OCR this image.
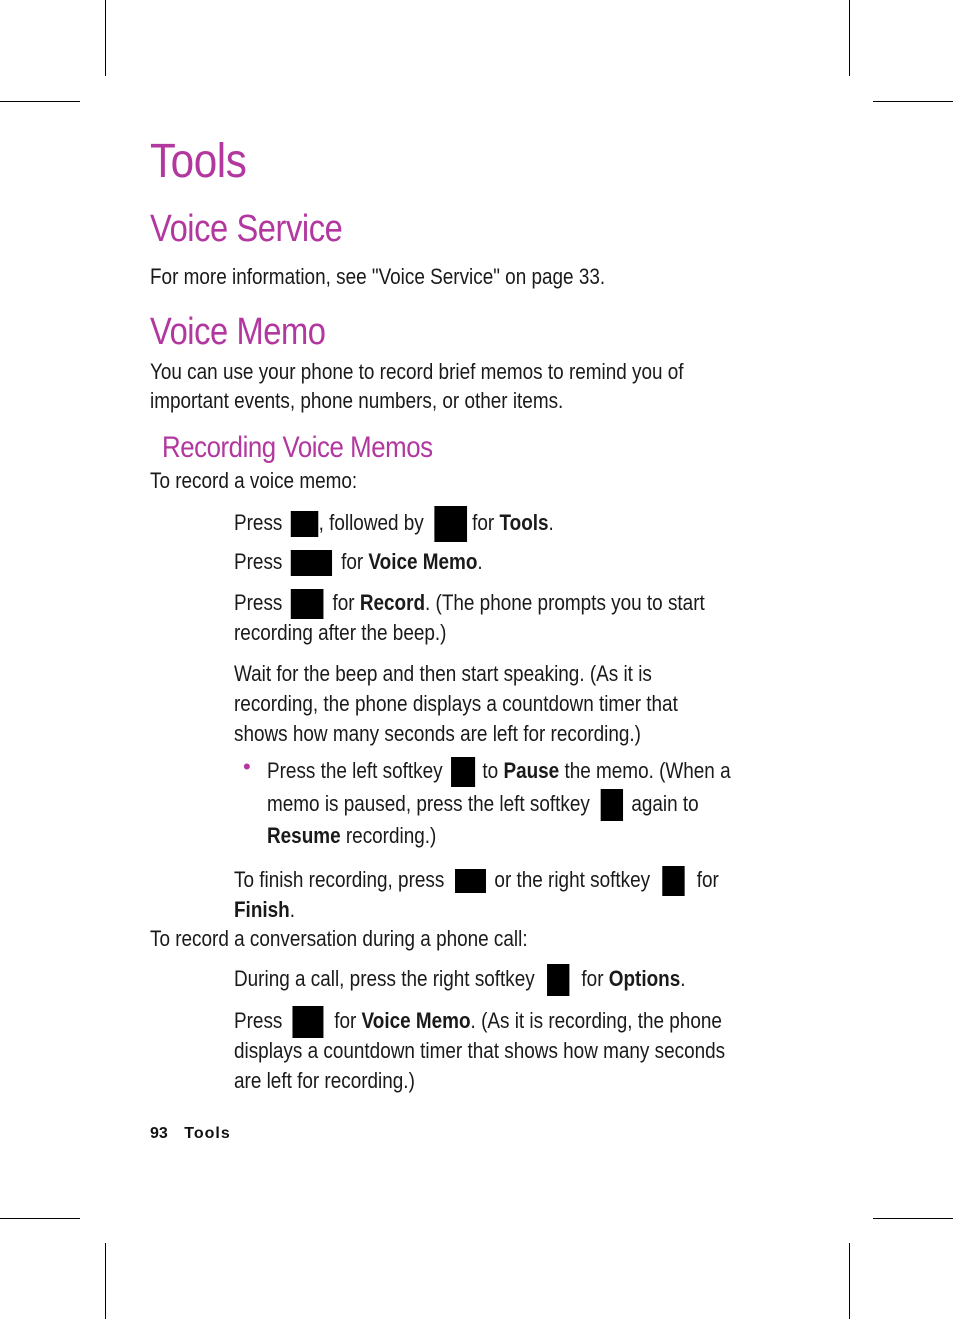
Tools
Voice Service
For more information, see "Voice Service" on page 33.
Voice Memo
You can use your phone to record brief memos to remind you of
important events, phone numbers, or other items.
Recording Voice Memos
To record a voice memo:
Press , followed by for Tools.
Press	for Voice Memo.
Press for Record. (The phone prompts you to start
recording after the beep.)
Wait for the beep and then start speaking. (As it is
recording, the phone displays a countdown timer that
shows how many seconds are left for recording.)
• Press the left softkey to Pause the memo. (When a
memo is paused, press the left softkey again to
Resume recording.)
To finish recording, press or the right softkey for
Finish.
To record a conversation during a phone call:
During a call, press the right softkey for Options.
Press for Voice Memo. (As it is recording, the phone
displays a countdown timer that shows how many seconds
are left for recording.)
93 Tools
